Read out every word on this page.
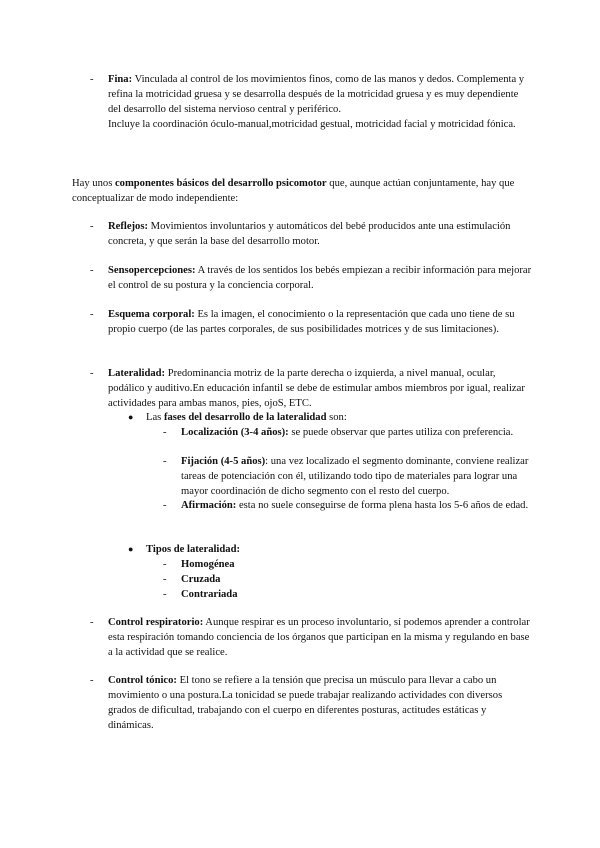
- Fina: Vinculada al control de los movimientos finos, como de las manos y dedos. Complementa y refina la motricidad gruesa y se desarrolla después de la motricidad gruesa y es muy dependiente del desarrollo del sistema nervioso central y periférico.
Incluye la coordinación óculo-manual,motricidad gestual, motricidad facial y motricidad fónica.

Hay unos componentes básicos del desarrollo psicomotor que, aunque actúan conjuntamente, hay que conceptualizar de modo independiente:

- Reflejos: Movimientos involuntarios y automáticos del bebé producidos ante una estimulación concreta, y que serán la base del desarrollo motor.
- Sensopercepciones: A través de los sentidos los bebés empiezan a recibir información para mejorar el control de su postura y la conciencia corporal.
- Esquema corporal: Es la imagen, el conocimiento o la representación que cada uno tiene de su propio cuerpo (de las partes corporales, de sus posibilidades motrices y de sus limitaciones).
- Lateralidad: Predominancia motriz de la parte derecha o izquierda, a nivel manual, ocular, podálico y auditivo.En educación infantil se debe de estimular ambos miembros por igual, realizar actividades para ambas manos, pies, ojoS, ETC.
● Las fases del desarrollo de la lateralidad son:
- Localización (3-4 años): se puede observar que partes utiliza con preferencia.
- Fijación (4-5 años): una vez localizado el segmento dominante, conviene realizar tareas de potenciación con él, utilizando todo tipo de materiales para lograr una mayor coordinación de dicho segmento con el resto del cuerpo.
- Afirmación: esta no suele conseguirse de forma plena hasta los 5-6 años de edad.
● Tipos de lateralidad:
- Homogénea
- Cruzada
- Contrariada
- Control respiratorio: Aunque respirar es un proceso involuntario, sí podemos aprender a controlar esta respiración tomando conciencia de los órganos que participan en la misma y regulando en base a la actividad que se realice.
- Control tónico: El tono se refiere a la tensión que precisa un músculo para llevar a cabo un movimiento o una postura.La tonicidad se puede trabajar realizando actividades con diversos grados de dificultad, trabajando con el cuerpo en diferentes posturas, actitudes estáticas y dinámicas.
